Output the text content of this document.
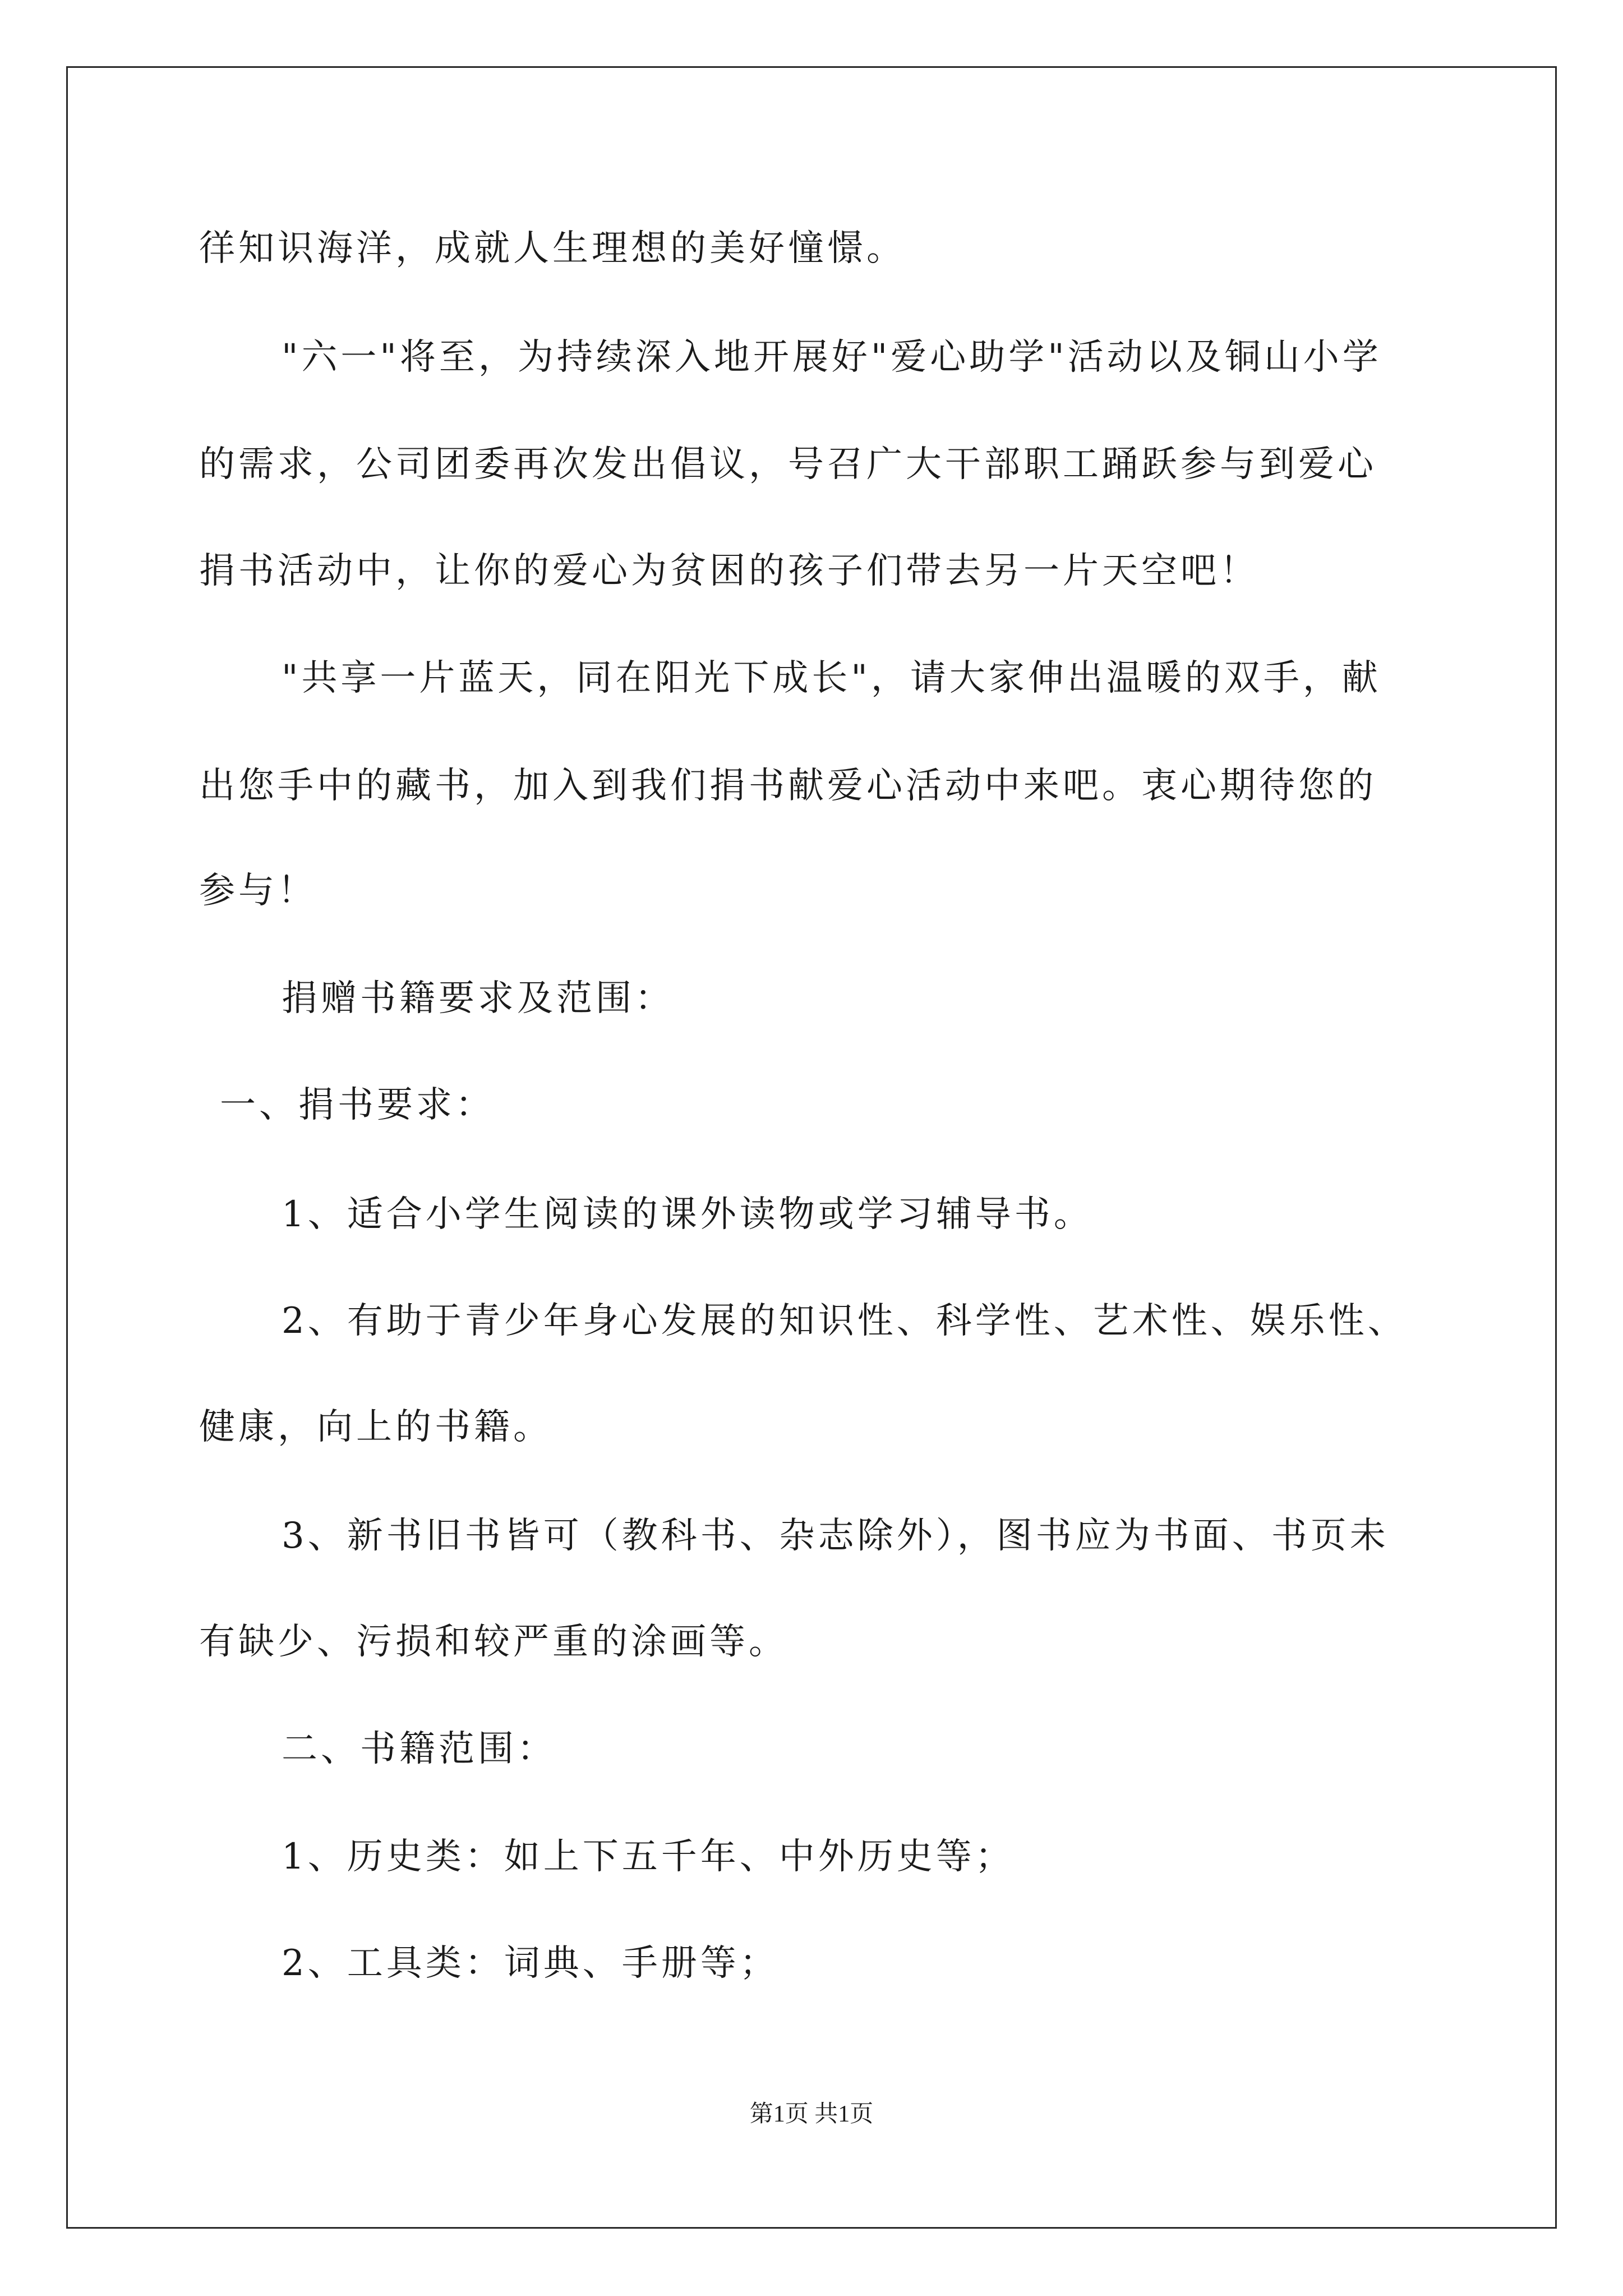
徉知识海洋，成就人生理想的美好憧憬。
"六一"将至，为持续深入地开展好"爱心助学"活动以及铜山小学
的需求，公司团委再次发出倡议，号召广大干部职工踊跃参与到爱心
捐书活动中，让你的爱心为贫困的孩子们带去另一片天空吧！
"共享一片蓝天，同在阳光下成长"，请大家伸出温暖的双手，献
出您手中的藏书，加入到我们捐书献爱心活动中来吧。衷心期待您的
参与！
捐赠书籍要求及范围：
一、捐书要求：
1、适合小学生阅读的课外读物或学习辅导书。
2、有助于青少年身心发展的知识性、科学性、艺术性、娱乐性、
健康，向上的书籍。
3、新书旧书皆可（教科书、杂志除外），图书应为书面、书页未
有缺少、污损和较严重的涂画等。
二、书籍范围：
1、历史类：如上下五千年、中外历史等；
2、工具类：词典、手册等；
第1页 共1页
